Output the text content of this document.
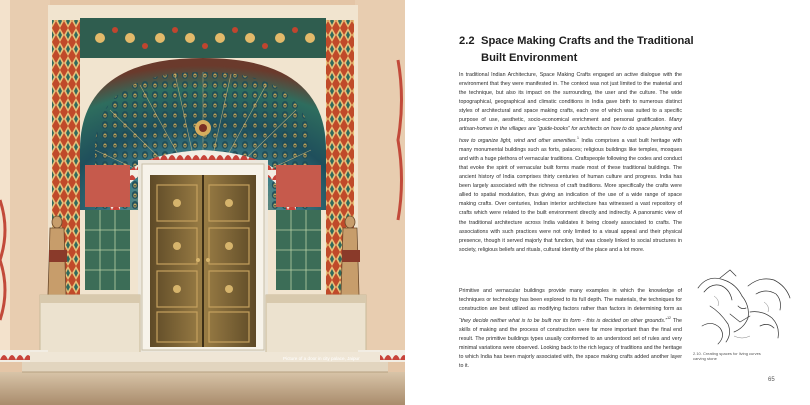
Picture of a door in city palace, Jaipur
2.2 Space Making Crafts and the Traditional
Built Environment

In traditional Indian Architecture, Space Making Crafts engaged an active dialogue with the environment that they were manifested in. The context was not just limited to the material and the technique, but also its impact on the surrounding, the user and the culture. The wide topographical, geographical and climatic conditions in India gave birth to numerous distinct styles of architectural and space making crafts, each one of which was suited to a specific purpose of use, aesthetic, socio-economical enrichment and personal gratification. Many artisan-homes in the villages are “guide-books” for architects on how to do space planning and how to organize light, wind and other amenities.$^1$ India comprises a vast built heritage with many monumental buildings such as forts, palaces; religious buildings like temples, mosques and with a huge plethora of vernacular traditions. Craftspeople following the codes and conduct that evoke the spirit of vernacular built forms made most of these traditional buildings. The ancient history of India comprises thirty centuries of human culture and progress. India has been largely associated with the richness of craft traditions. More specifically the crafts were allied to spatial modulation, thus giving an indication of the use of a wide range of space making crafts. Over centuries, Indian interior architecture has witnessed a vast repository of crafts which were related to the built environment directly and indirectly. A panoramic view of the traditional architecture across India validates it being closely associated to crafts. The associations with such practices were not only limited to a visual appeal and their physical presence, though it served majorly that function, but was closely linked to social structures in society, religious beliefs and rituals, cultural identity of the place and a lot more.

Primitive and vernacular buildings provide many examples in which the knowledge of techniques or technology has been explored to its full depth. The materials, the techniques for construction are best utilized as modifying factors rather than factors in determining form as “they decide neither what is to be built nor its form - this is decided on other grounds.”$^{12}$ The skills of making and the process of construction were far more important than the final end result. The primitive buildings types usually conformed to an understood set of rules and very minimal variations were observed. Looking back to the rich legacy of traditions and the heritage to which India has been majorly associated with, the space making crafts added another layer to it.

2.10. Creating spaces for living curves carving stone
65
